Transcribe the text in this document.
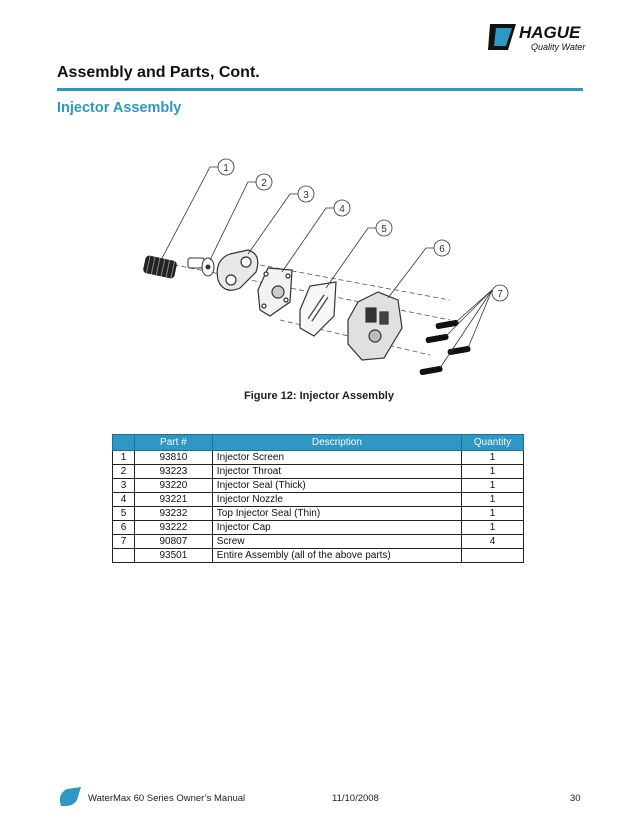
HAGUE
Quality Water
Assembly and Parts, Cont.
Injector Assembly
1
2
3
4
5
6
7
Figure 12: Injector Assembly
	Part #	Description	Quantity
1	93810	Injector Screen	1
2	93223	Injector Throat	1
3	93220	Injector Seal (Thick)	1
4	93221	Injector Nozzle	1
5	93232	Top Injector Seal (Thin)	1
6	93222	Injector Cap	1
7	90807	Screw	4
	93501	Entire Assembly (all of the above parts)	
WaterMax 60 Series Owner’s Manual	11/10/2008	30
